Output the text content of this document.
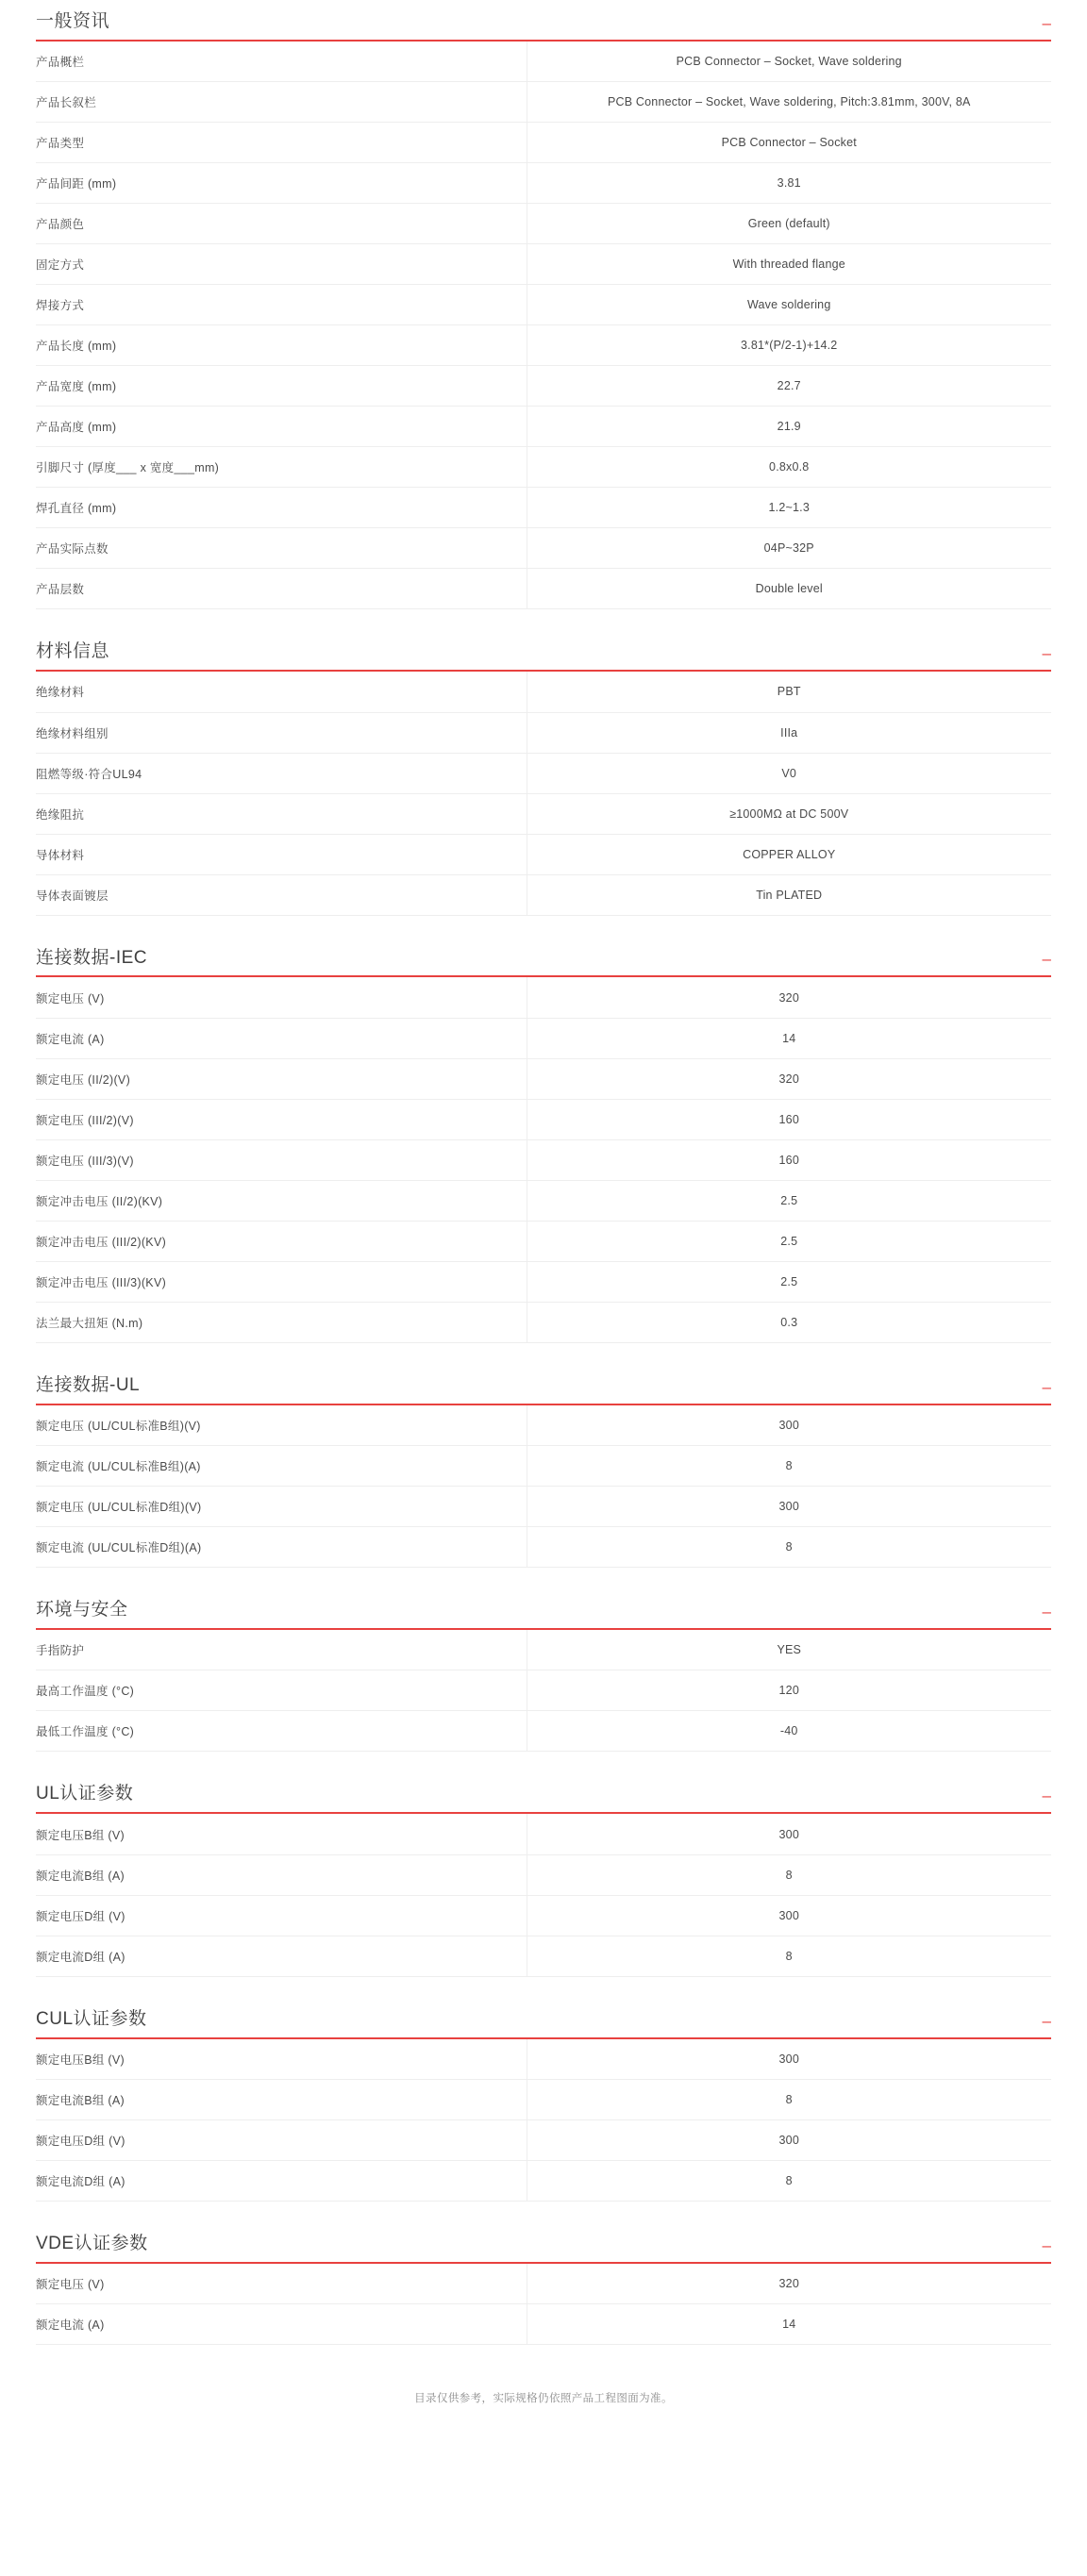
一般资讯	–
产品概栏	PCB Connector – Socket, Wave soldering
产品长叙栏	PCB Connector – Socket, Wave soldering, Pitch:3.81mm, 300V, 8A
产品类型	PCB Connector – Socket
产品间距 (mm)	3.81
产品颜色	Green (default)
固定方式	With threaded flange
焊接方式	Wave soldering
产品长度 (mm)	3.81*(P/2-1)+14.2
产品宽度 (mm)	22.7
产品高度 (mm)	21.9
引脚尺寸 (厚度___ x 宽度___mm)	0.8x0.8
焊孔直径 (mm)	1.2~1.3
产品实际点数	04P~32P
产品层数	Double level
材料信息	–
绝缘材料	PBT
绝缘材料组别	IIIa
阻燃等级·符合UL94	V0
绝缘阻抗	≥1000MΩ at DC 500V
导体材料	COPPER ALLOY
导体表面镀层	Tin PLATED
连接数据-IEC	–
额定电压 (V)	320
额定电流 (A)	14
额定电压 (II/2)(V)	320
额定电压 (III/2)(V)	160
额定电压 (III/3)(V)	160
额定冲击电压 (II/2)(KV)	2.5
额定冲击电压 (III/2)(KV)	2.5
额定冲击电压 (III/3)(KV)	2.5
法兰最大扭矩 (N.m)	0.3
连接数据-UL	–
额定电压 (UL/CUL标准B组)(V)	300
额定电流 (UL/CUL标准B组)(A)	8
额定电压 (UL/CUL标准D组)(V)	300
额定电流 (UL/CUL标准D组)(A)	8
环境与安全	–
手指防护	YES
最高工作温度 (°C)	120
最低工作温度 (°C)	-40
UL认证参数	–
额定电压B组 (V)	300
额定电流B组 (A)	8
额定电压D组 (V)	300
额定电流D组 (A)	8
CUL认证参数	–
额定电压B组 (V)	300
额定电流B组 (A)	8
额定电压D组 (V)	300
额定电流D组 (A)	8
VDE认证参数	–
额定电压 (V)	320
额定电流 (A)	14
目录仅供参考，实际规格仍依照产品工程图面为准。
